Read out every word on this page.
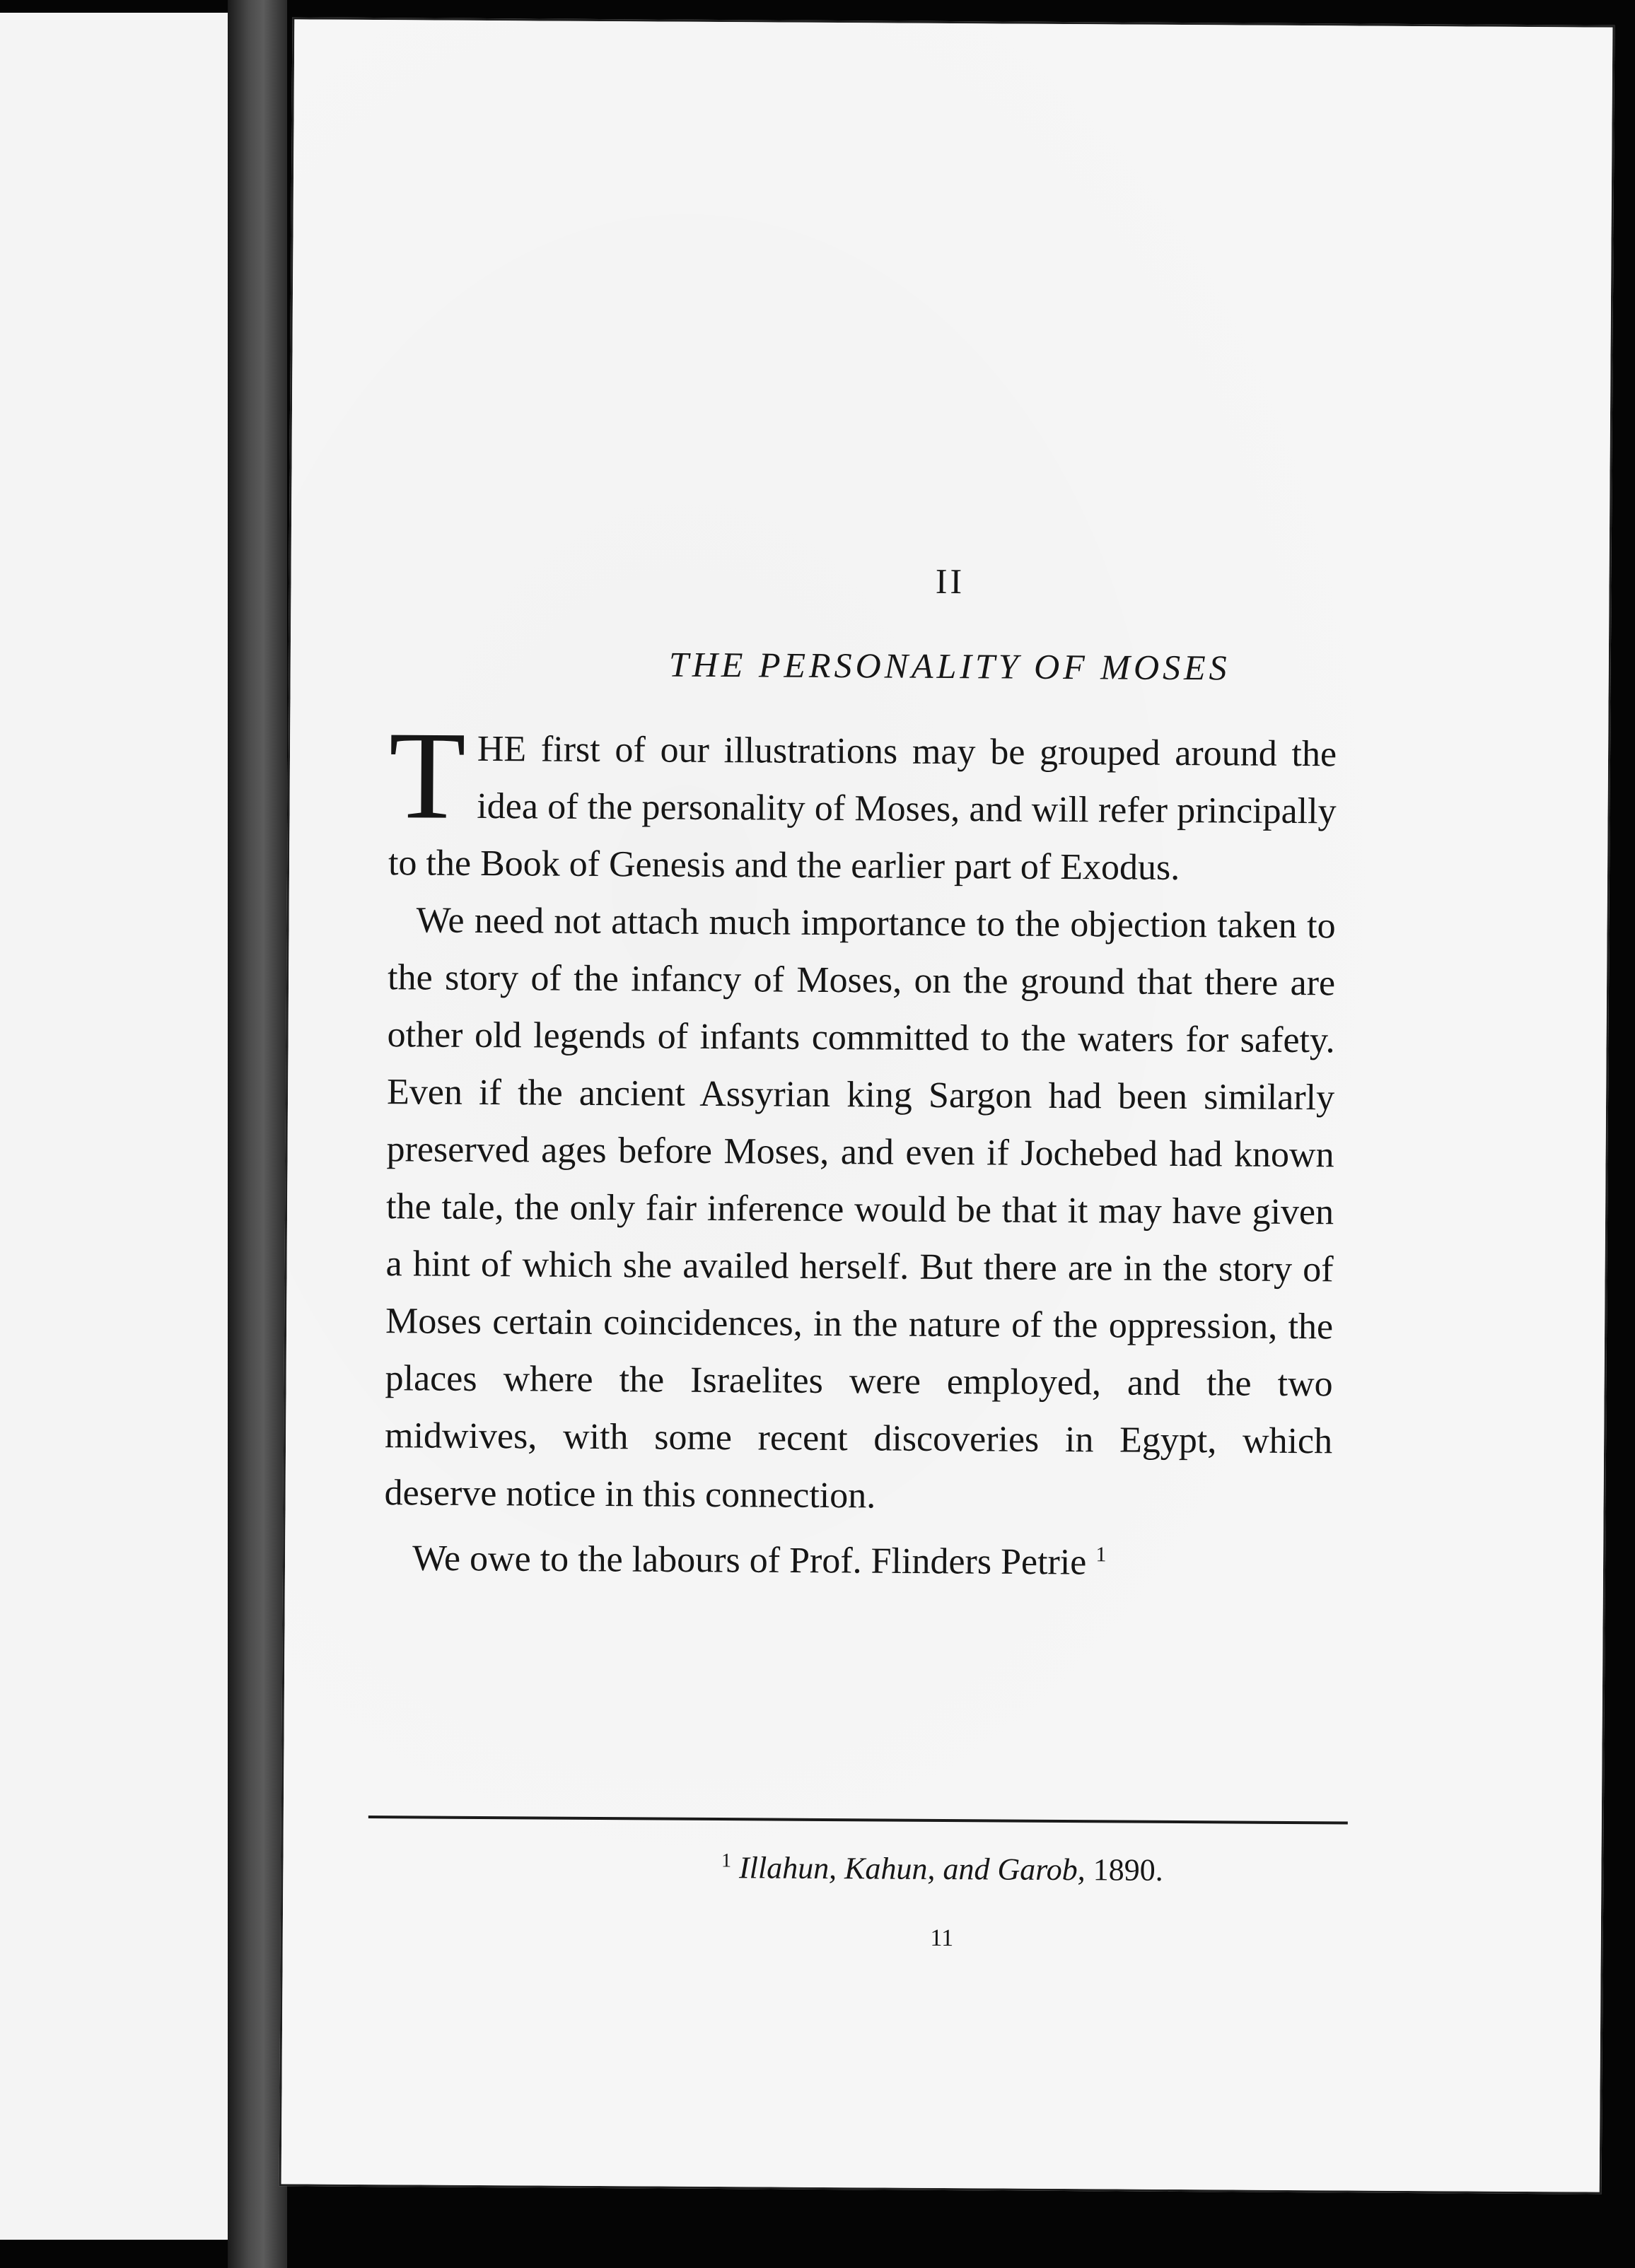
II
THE PERSONALITY OF MOSES

THE first of our illustrations may be grouped around the idea of the personality of Moses, and will refer principally to the Book of Genesis and the earlier part of Exodus.

We need not attach much importance to the objection taken to the story of the infancy of Moses, on the ground that there are other old legends of infants committed to the waters for safety. Even if the ancient Assyrian king Sargon had been similarly preserved ages before Moses, and even if Jochebed had known the tale, the only fair inference would be that it may have given a hint of which she availed herself. But there are in the story of Moses certain coincidences, in the nature of the oppression, the places where the Israelites were employed, and the two midwives, with some recent discoveries in Egypt, which deserve notice in this connection.

We owe to the labours of Prof. Flinders Petrie $^1$

$^1$ Illahun, Kahun, and Garob, 1890.
11
